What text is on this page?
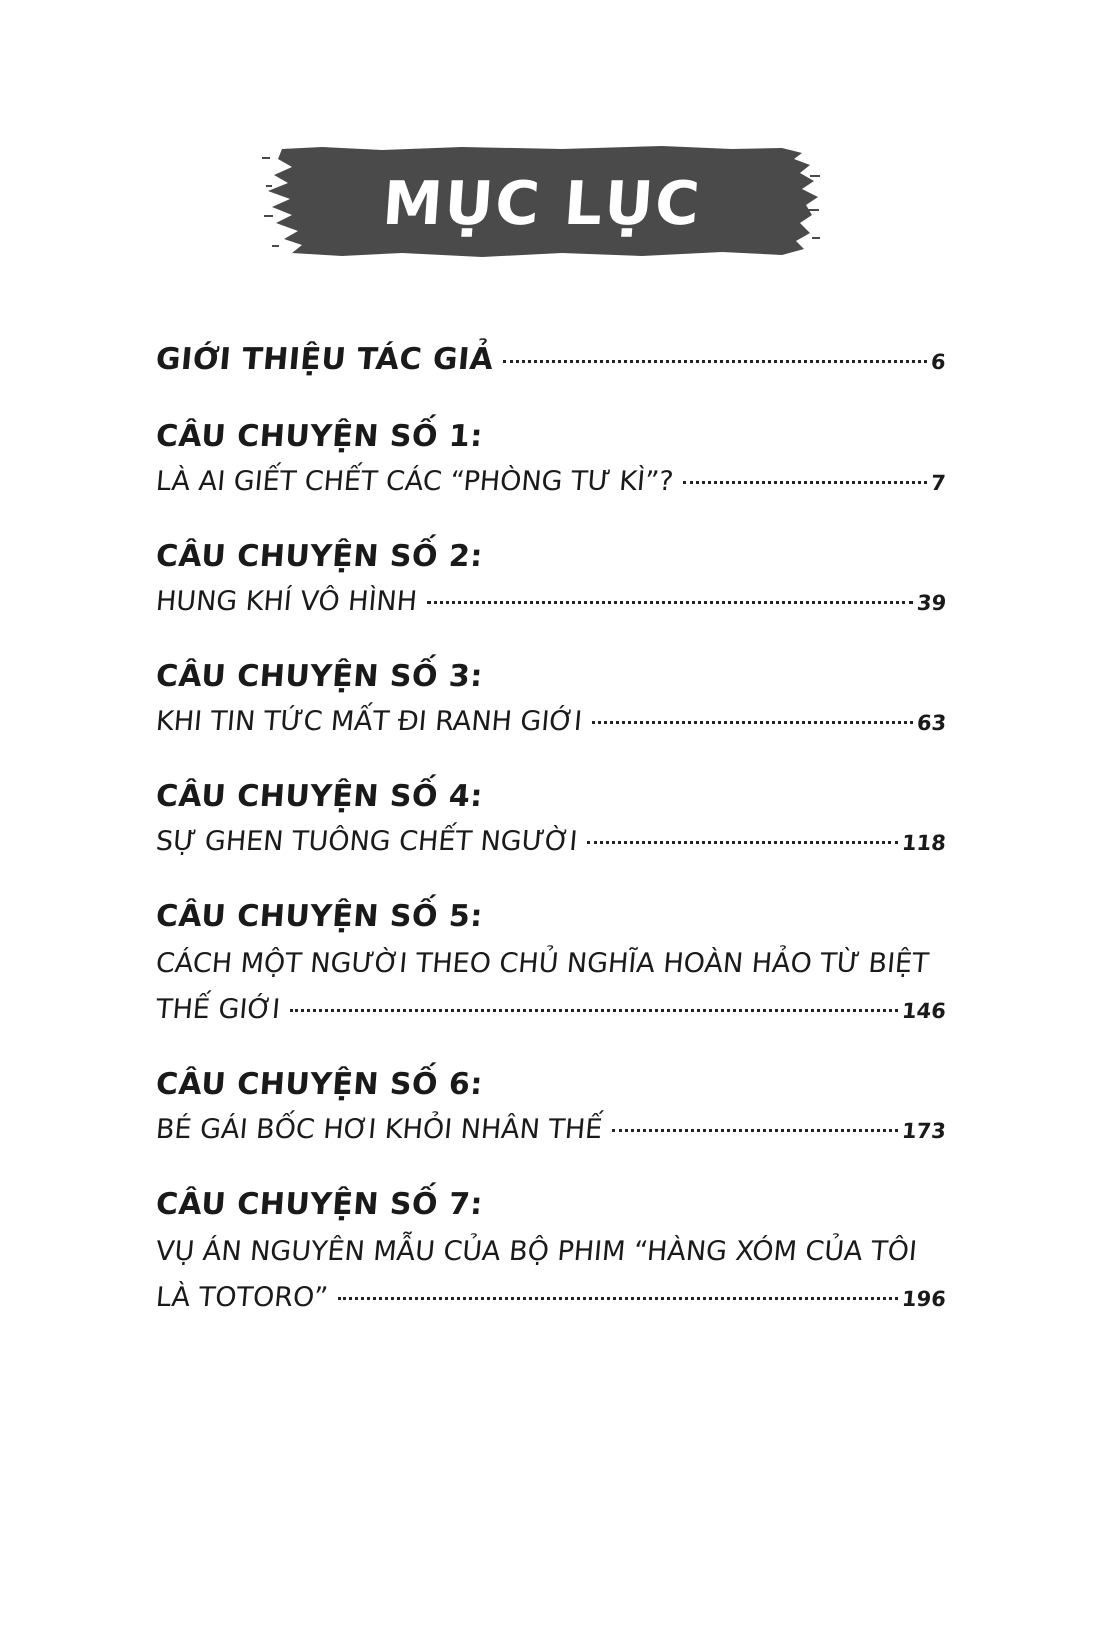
MỤC LỤC
GIỚI THIỆU TÁC GIẢ	6
CÂU CHUYỆN SỐ 1:
LÀ AI GIẾT CHẾT CÁC “PHÒNG TƯ KÌ”?	7
CÂU CHUYỆN SỐ 2:
HUNG KHÍ VÔ HÌNH	39
CÂU CHUYỆN SỐ 3:
KHI TIN TỨC MẤT ĐI RANH GIỚI	63
CÂU CHUYỆN SỐ 4:
SỰ GHEN TUÔNG CHẾT NGƯỜI	118
CÂU CHUYỆN SỐ 5:
CÁCH MỘT NGƯỜI THEO CHỦ NGHĨA HOÀN HẢO TỪ BIỆT
THẾ GIỚI	146
CÂU CHUYỆN SỐ 6:
BÉ GÁI BỐC HƠI KHỎI NHÂN THẾ	173
CÂU CHUYỆN SỐ 7:
VỤ ÁN NGUYÊN MẪU CỦA BỘ PHIM “HÀNG XÓM CỦA TÔI
LÀ TOTORO”	196
